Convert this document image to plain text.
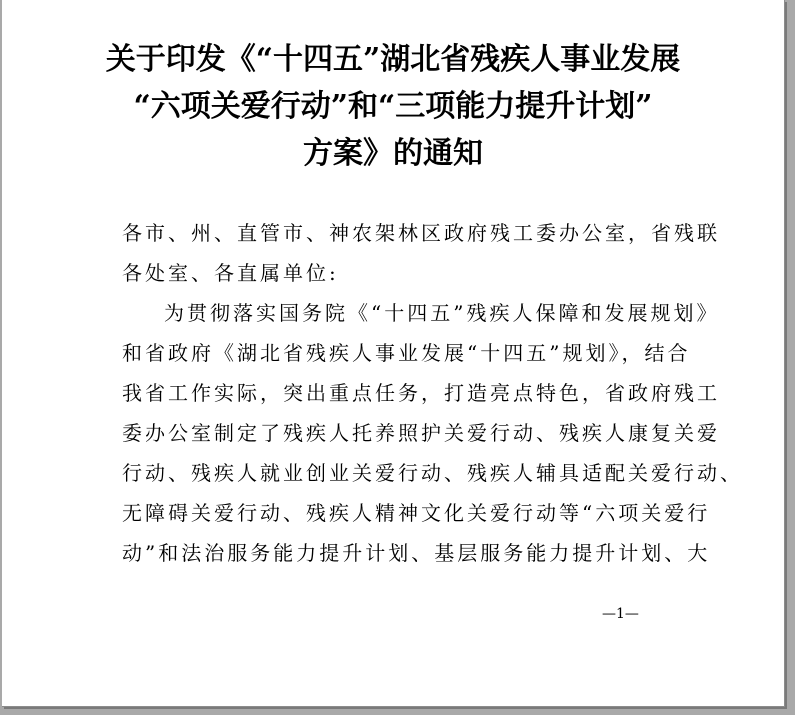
关于印发《“十四五”湖北省残疾人事业发展
“六项关爱行动”和“三项能力提升计划”
方案》的通知
各市、州、直管市、神农架林区政府残工委办公室，省残联
各处室、各直属单位:
为贯彻落实国务院《“十四五”残疾人保障和发展规划》
和省政府《湖北省残疾人事业发展“十四五”规划》，结合
我省工作实际，突出重点任务，打造亮点特色，省政府残工
委办公室制定了残疾人托养照护关爱行动、残疾人康复关爱
行动、残疾人就业创业关爱行动、残疾人辅具适配关爱行动、
无障碍关爱行动、残疾人精神文化关爱行动等“六项关爱行
动”和法治服务能力提升计划、基层服务能力提升计划、大
—1—
